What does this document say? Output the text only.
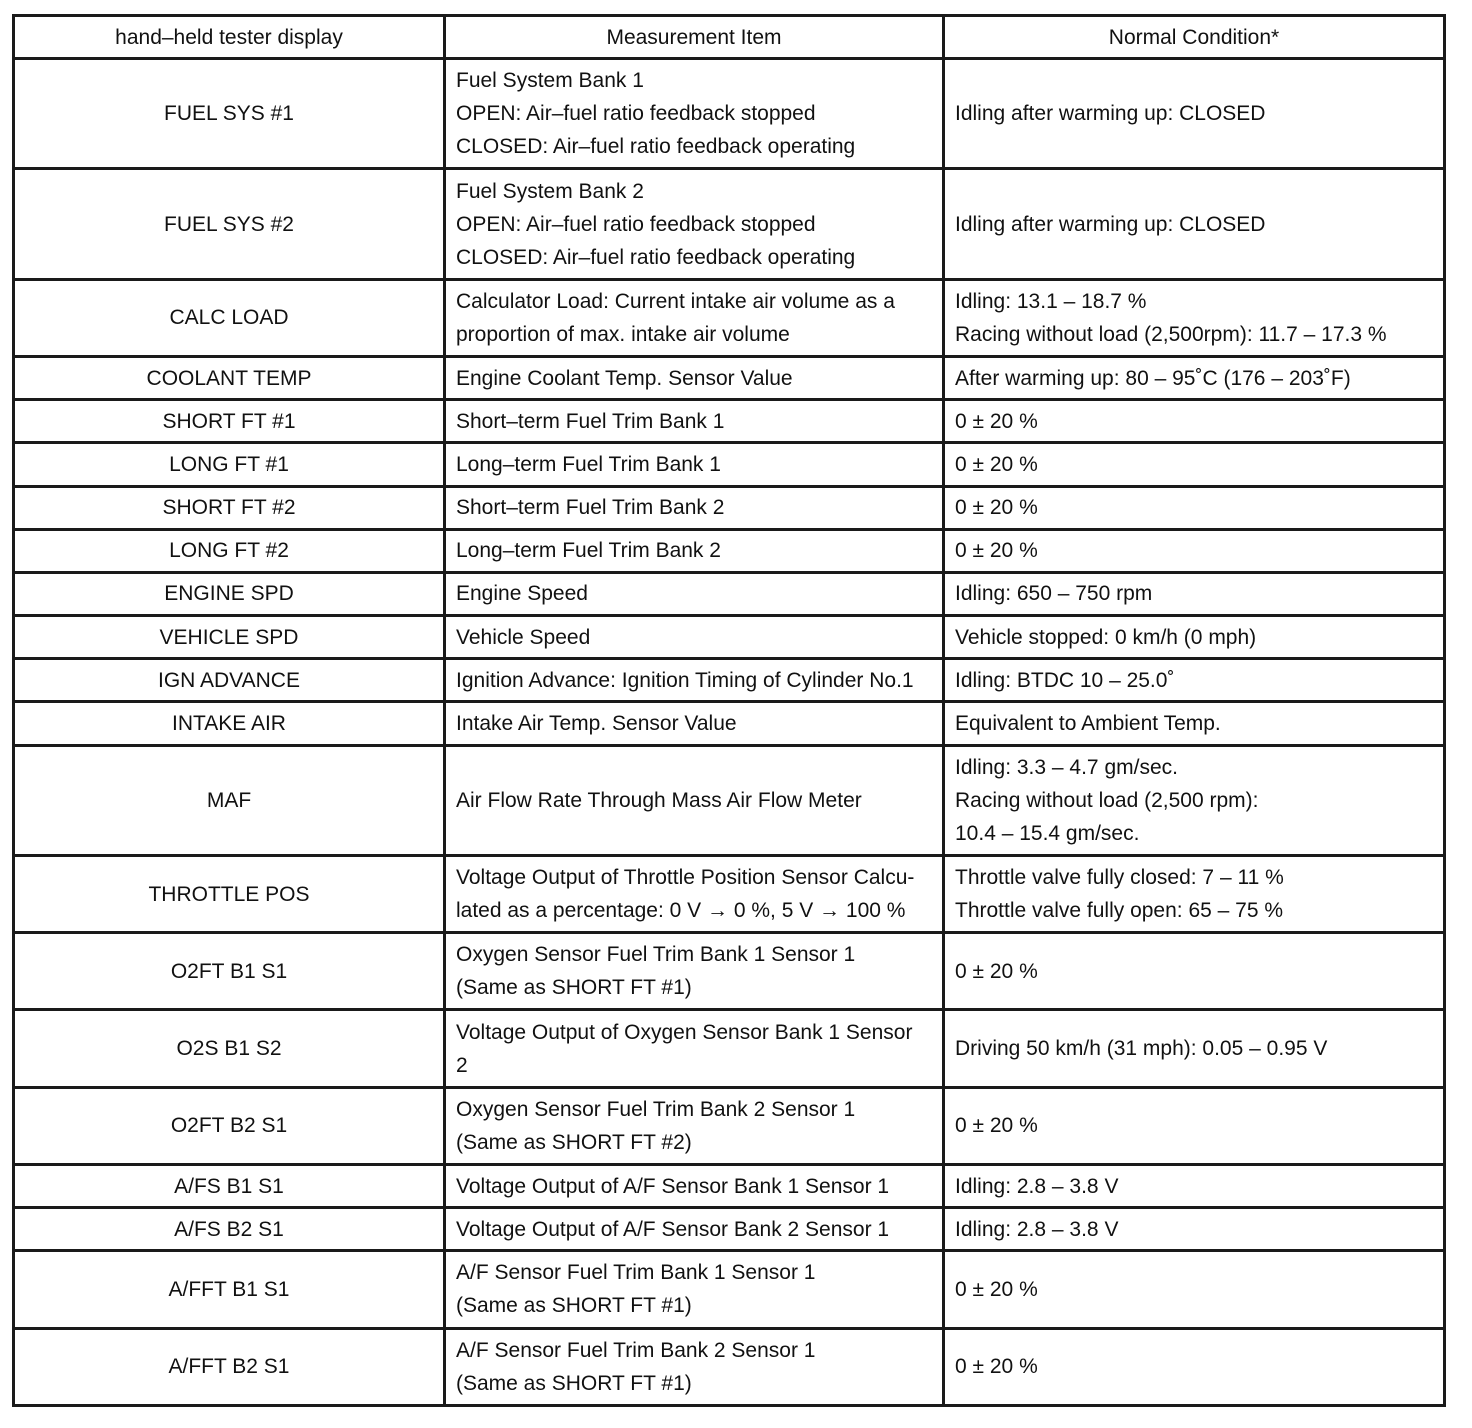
hand–held tester display	Measurement Item	Normal Condition*
FUEL SYS #1	Fuel System Bank 1
OPEN: Air–fuel ratio feedback stopped
CLOSED: Air–fuel ratio feedback operating	Idling after warming up: CLOSED

FUEL SYS #2	Fuel System Bank 2
OPEN: Air–fuel ratio feedback stopped
CLOSED: Air–fuel ratio feedback operating	Idling after warming up: CLOSED

CALC LOAD	Calculator Load: Current intake air volume as a
proportion of max. intake air volume	Idling: 13.1 – 18.7 %
Racing without load (2,500rpm): 11.7 – 17.3 %

COOLANT TEMP	Engine Coolant Temp. Sensor Value	After warming up: 80 – 95˚C (176 – 203˚F)

SHORT FT #1	Short–term Fuel Trim Bank 1	0 ± 20 %

LONG FT #1	Long–term Fuel Trim Bank 1	0 ± 20 %

SHORT FT #2	Short–term Fuel Trim Bank 2	0 ± 20 %

LONG FT #2	Long–term Fuel Trim Bank 2	0 ± 20 %

ENGINE SPD	Engine Speed	Idling: 650 – 750 rpm

VEHICLE SPD	Vehicle Speed	Vehicle stopped: 0 km/h (0 mph)

IGN ADVANCE	Ignition Advance: Ignition Timing of Cylinder No.1	Idling: BTDC 10 – 25.0˚

INTAKE AIR	Intake Air Temp. Sensor Value	Equivalent to Ambient Temp.

MAF	Air Flow Rate Through Mass Air Flow Meter	Idling: 3.3 – 4.7 gm/sec.
Racing without load (2,500 rpm):
10.4 – 15.4 gm/sec.

THROTTLE POS	Voltage Output of Throttle Position Sensor Calcu-
lated as a percentage: 0 V → 0 %, 5 V → 100 %	Throttle valve fully closed: 7 – 11 %
Throttle valve fully open: 65 – 75 %

O2FT B1 S1	Oxygen Sensor Fuel Trim Bank 1 Sensor 1
(Same as SHORT FT #1)	0 ± 20 %

O2S B1 S2	Voltage Output of Oxygen Sensor Bank 1 Sensor
2	Driving 50 km/h (31 mph): 0.05 – 0.95 V

O2FT B2 S1	Oxygen Sensor Fuel Trim Bank 2 Sensor 1
(Same as SHORT FT #2)	0 ± 20 %

A/FS B1 S1	Voltage Output of A/F Sensor Bank 1 Sensor 1	Idling: 2.8 – 3.8 V

A/FS B2 S1	Voltage Output of A/F Sensor Bank 2 Sensor 1	Idling: 2.8 – 3.8 V

A/FFT B1 S1	A/F Sensor Fuel Trim Bank 1 Sensor 1
(Same as SHORT FT #1)	0 ± 20 %

A/FFT B2 S1	A/F Sensor Fuel Trim Bank 2 Sensor 1
(Same as SHORT FT #1)	0 ± 20 %
